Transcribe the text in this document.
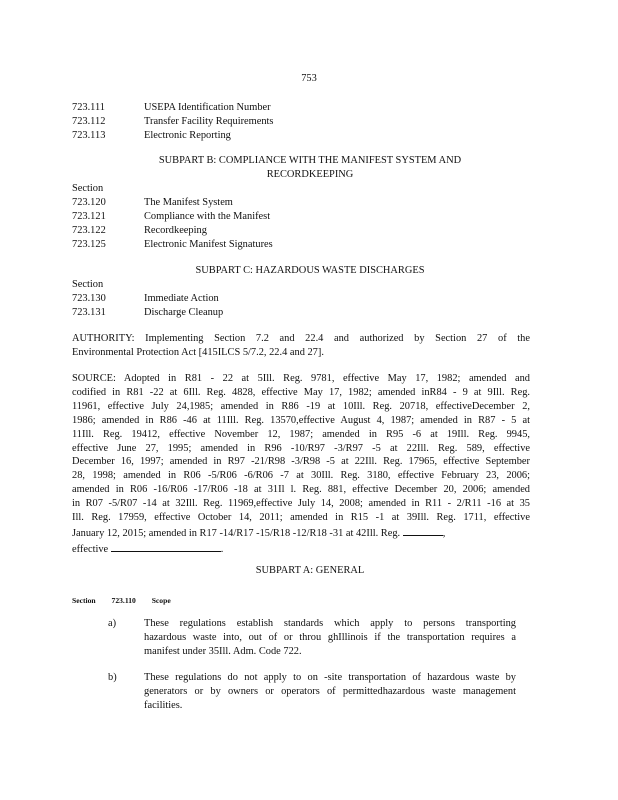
753
723.111	USEPA Identification Number
723.112	Transfer Facility Requirements
723.113	Electronic Reporting
SUBPART B: COMPLIANCE WITH THE MANIFEST SYSTEM AND
RECORDKEEPING
Section
723.120	The Manifest System
723.121	Compliance with the Manifest
723.122	Recordkeeping
723.125	Electronic Manifest Signatures
SUBPART C: HAZARDOUS WASTE DISCHARGES
Section
723.130	Immediate Action
723.131	Discharge Cleanup
AUTHORITY: Implementing Section 7.2 and 22.4 and authorized by Section 27 of the
Environmental Protection Act [415ILCS 5/7.2, 22.4 and 27].
SOURCE: Adopted in R81 - 22 at 5Ill. Reg. 9781, effective May 17, 1982; amended and
codified in R81 -22 at 6Ill. Reg. 4828, effective May 17, 1982; amended inR84 - 9 at 9Ill. Reg.
11961, effective July 24,1985; amended in R86 -19 at 10Ill. Reg. 20718, effectiveDecember 2,
1986; amended in R86 -46 at 11Ill. Reg. 13570,effective August 4, 1987; amended in R87 - 5 at
11Ill. Reg. 19412, effective November 12, 1987; amended in R95 -6 at 19Ill. Reg. 9945,
effective June 27, 1995; amended in R96 -10/R97 -3/R97 -5 at 22Ill. Reg. 589, effective
December 16, 1997; amended in R97 -21/R98 -3/R98 -5 at 22Ill. Reg. 17965, effective September
28, 1998; amended in R06 -5/R06 -6/R06 -7 at 30Ill. Reg. 3180, effective February 23, 2006;
amended in R06 -16/R06 -17/R06 -18 at 31Il l. Reg. 881, effective December 20, 2006; amended
in R07 -5/R07 -14 at 32Ill. Reg. 11969,effective July 14, 2008; amended in R11 - 2/R11 -16 at 35
Ill. Reg. 17959, effective October 14, 2011; amended in R15 -1 at 39Ill. Reg. 1711, effective
January 12, 2015; amended in R17 -14/R17 -15/R18 -12/R18 -31 at 42Ill. Reg.	,
effective	.
SUBPART A: GENERAL
Section 723.110 Scope
a)	These regulations establish standards which apply to persons transporting
hazardous waste into, out of or throu ghIllinois if the transportation requires a
manifest under 35Ill. Adm. Code 722.
b)	These regulations do not apply to on -site transportation of hazardous waste by
generators or by owners or operators of permittedhazardous waste management
facilities.
